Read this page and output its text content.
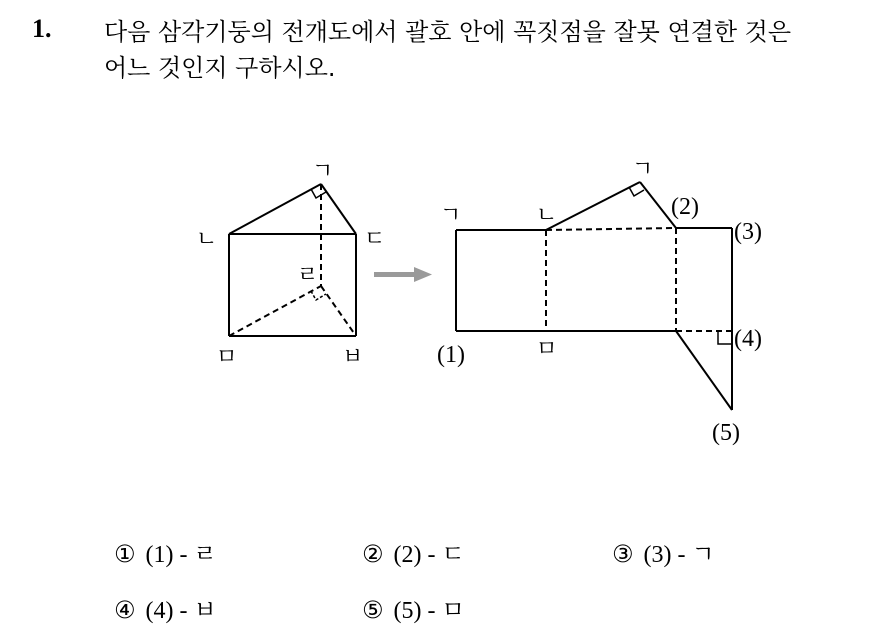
1. 다음 삼각기둥의 전개도에서 괄호 안에 꼭짓점을 잘못 연결한 것은
어느 것인지 구하시오.
ㄱ
ㄴ	ㄷ
ㄹ
ㅁ	ㅂ
ㄱ	ㄴ
ㄱ
ㅁ
(1)
(2)
(3)
(4)
(5)
① (1) - ㄹ	② (2) - ㄷ	③ (3) - ㄱ
④ (4) - ㅂ	⑤ (5) - ㅁ
